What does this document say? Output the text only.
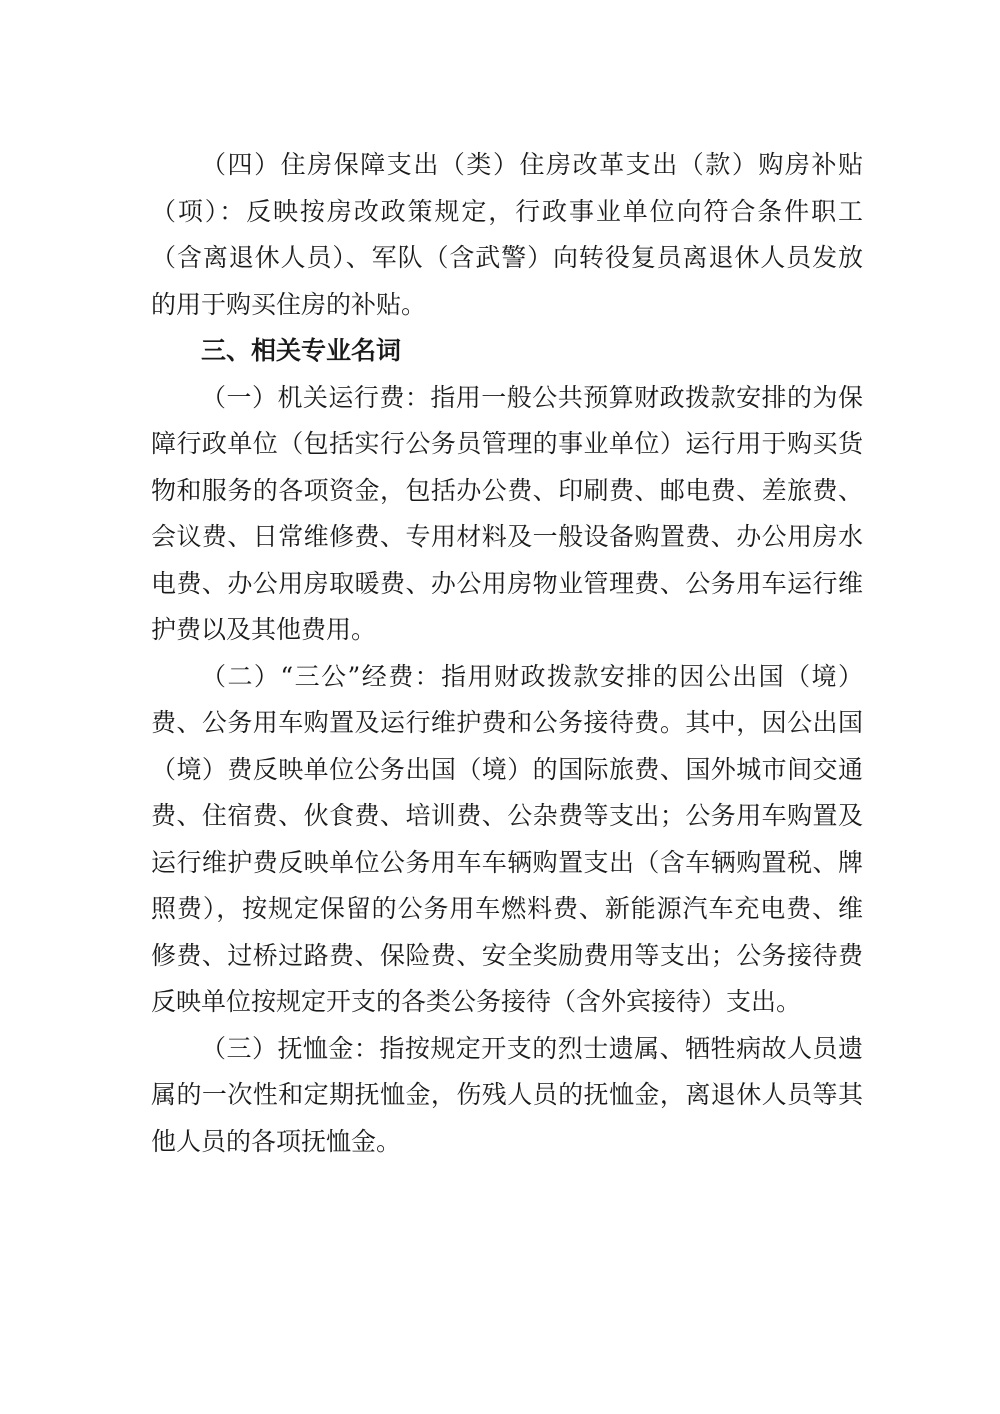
（四）住房保障支出（类）住房改革支出（款）购房补贴（项）：反映按房改政策规定，行政事业单位向符合条件职工（含离退休人员）、军队（含武警）向转役复员离退休人员发放的用于购买住房的补贴。

三、相关专业名词

（一）机关运行费：指用一般公共预算财政拨款安排的为保障行政单位（包括实行公务员管理的事业单位）运行用于购买货物和服务的各项资金，包括办公费、印刷费、邮电费、差旅费、会议费、日常维修费、专用材料及一般设备购置费、办公用房水电费、办公用房取暖费、办公用房物业管理费、公务用车运行维护费以及其他费用。

（二）“三公”经费：指用财政拨款安排的因公出国（境）费、公务用车购置及运行维护费和公务接待费。其中，因公出国（境）费反映单位公务出国（境）的国际旅费、国外城市间交通费、住宿费、伙食费、培训费、公杂费等支出；公务用车购置及运行维护费反映单位公务用车车辆购置支出（含车辆购置税、牌照费），按规定保留的公务用车燃料费、新能源汽车充电费、维修费、过桥过路费、保险费、安全奖励费用等支出；公务接待费反映单位按规定开支的各类公务接待（含外宾接待）支出。

（三）抚恤金：指按规定开支的烈士遗属、牺牲病故人员遗属的一次性和定期抚恤金，伤残人员的抚恤金，离退休人员等其他人员的各项抚恤金。
